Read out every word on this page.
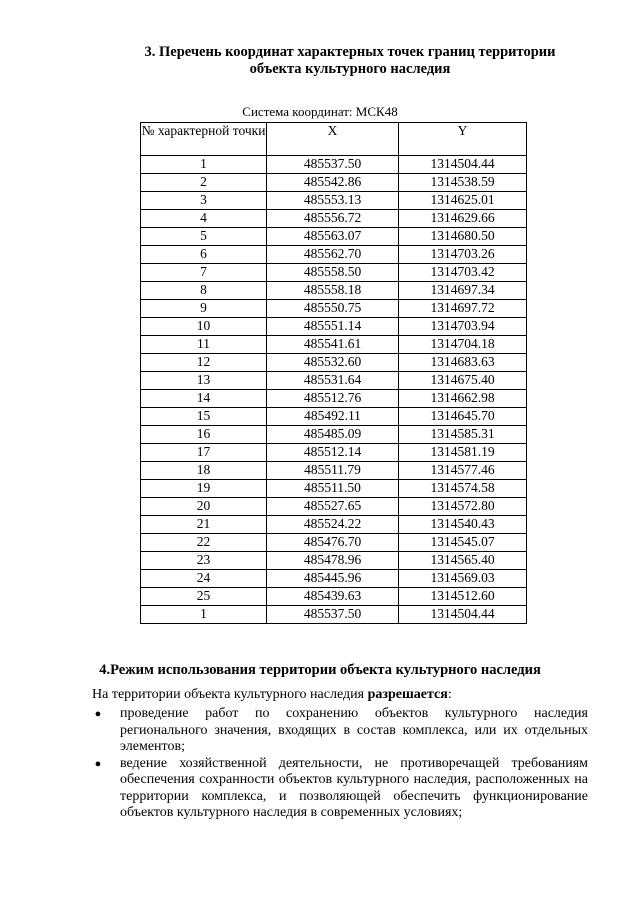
3. Перечень координат характерных точек границ территории
объекта культурного наследия
Система координат: МСК48
№ характерной точки	X	Y
1	485537.50	1314504.44
2	485542.86	1314538.59
3	485553.13	1314625.01
4	485556.72	1314629.66
5	485563.07	1314680.50
6	485562.70	1314703.26
7	485558.50	1314703.42
8	485558.18	1314697.34
9	485550.75	1314697.72
10	485551.14	1314703.94
11	485541.61	1314704.18
12	485532.60	1314683.63
13	485531.64	1314675.40
14	485512.76	1314662.98
15	485492.11	1314645.70
16	485485.09	1314585.31
17	485512.14	1314581.19
18	485511.79	1314577.46
19	485511.50	1314574.58
20	485527.65	1314572.80
21	485524.22	1314540.43
22	485476.70	1314545.07
23	485478.96	1314565.40
24	485445.96	1314569.03
25	485439.63	1314512.60
1	485537.50	1314504.44
4.Режим использования территории объекта культурного наследия
На территории объекта культурного наследия разрешается:
● проведение работ по сохранению объектов культурного наследия регионального значения, входящих в состав комплекса, или их отдельных элементов;
● ведение хозяйственной деятельности, не противоречащей требованиям обеспечения сохранности объектов культурного наследия, расположенных на территории комплекса, и позволяющей обеспечить функционирование объектов культурного наследия в современных условиях;
